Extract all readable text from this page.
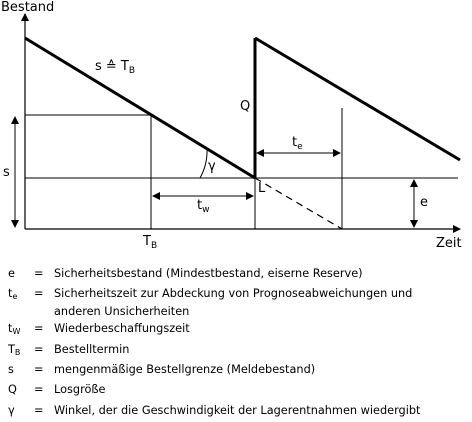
Bestand
Zeit
s ≙ $T_B$
Q
$t_e$
γ
L
s
$t_w$	e
$T_B$
e	= Sicherheitsbestand (Mindestbestand, eiserne Reserve)
$t_e$	= Sicherheitszeit zur Abdeckung von Prognoseabweichungen und
anderen Unsicherheiten
$t_W$	= Wiederbeschaffungszeit
$T_B$	= Bestelltermin
s	= mengenmäßige Bestellgrenze (Meldebestand)
Q	= Losgröße
γ	= Winkel, der die Geschwindigkeit der Lagerentnahmen wiedergibt
